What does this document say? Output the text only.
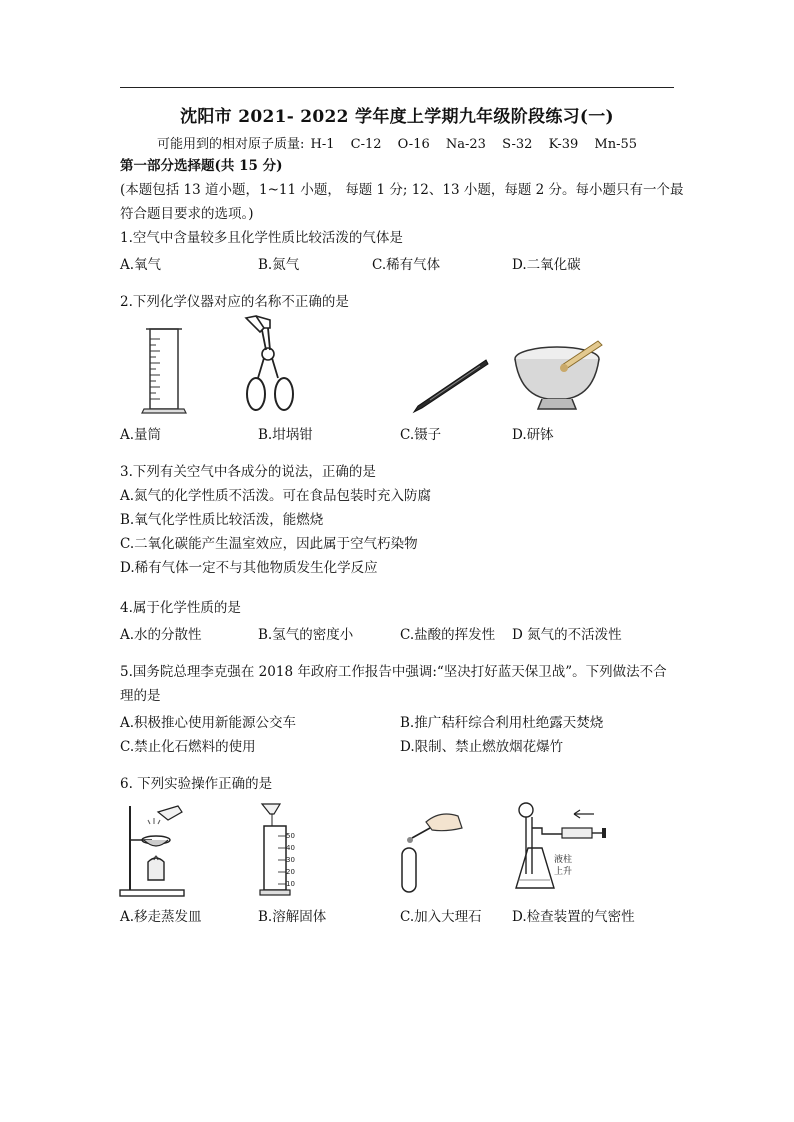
沈阳市 2021- 2022 学年度上学期九年级阶段练习(一)
可能用到的相对原子质量: H-1 C-12 O-16 Na-23 S-32 K-39 Mn-55
第一部分选择题(共 15 分)
(本题包括 13 道小题，1~11 小题， 每题 1 分; 12、13 小题，每题 2 分。每小题只有一个最
符合题目要求的选项。)
1.空气中含量较多且化学性质比较活泼的气体是
A.氧气	B.氮气	C.稀有气体	D.二氧化碳
2.下列化学仪器对应的名称不正确的是
A.量筒	B.坩埚钳	C.镊子	D.研钵
3.下列有关空气中各成分的说法，正确的是
A.氮气的化学性质不活泼。可在食品包装时充入防腐
B.氧气化学性质比较活泼，能燃烧
C.二氧化碳能产生温室效应，因此属于空气朽染物
D.稀有气体一定不与其他物质发生化学反应
4.属于化学性质的是
A.水的分散性	B.氢气的密度小	C.盐酸的挥发性 D 氮气的不活泼性
5.国务院总理李克强在 2018 年政府工作报告中强调:“坚决打好蓝天保卫战”。下列做法不合
理的是
A.积极推心使用新能源公交车	B.推广秸秆综合利用杜绝露天焚烧
C.禁止化石燃料的使用	D.限制、禁止燃放烟花爆竹
6. 下列实验操作正确的是
50
40
30
20
10
液柱
上升
A.移走蒸发皿	B.溶解固体	C.加入大理石 D.检查装置的气密性
